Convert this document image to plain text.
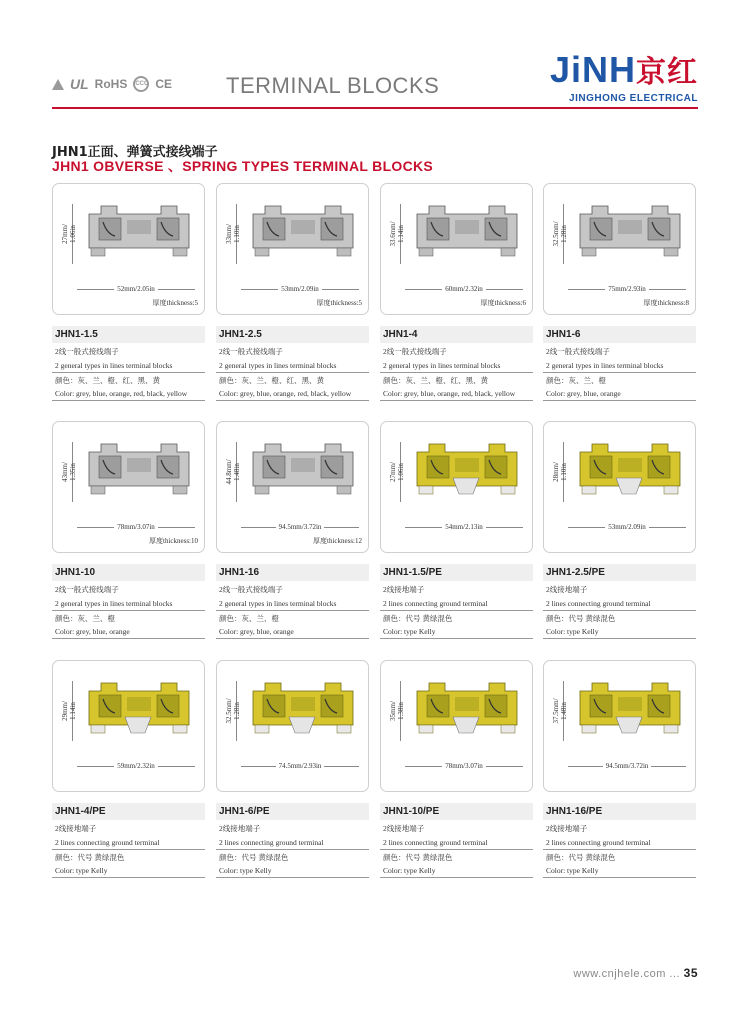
UL RoHS	CCC CE TERMINAL BLOCKS	JiNH京红
JINGHONG ELECTRICAL
JHN1正面、弹簧式接线端子
JHN1 OBVERSE 、SPRING TYPES TERMINAL BLOCKS
27mm/
1.06in
52mm/2.05in
厚度thickness:5
JHN1-1.5
2线一般式接线端子
2 general types in lines terminal blocks
颜色：灰、兰、橙、红、黑、黄
Color: grey, blue, orange, red, black, yellow
33mm/
1.10in
53mm/2.09in
厚度thickness:5
JHN1-2.5
2线一般式接线端子
2 general types in lines terminal blocks
颜色：灰、兰、橙、红、黑、黄
Color: grey, blue, orange, red, black, yellow
33.6mm/
1.14in
60mm/2.32in
厚度thickness:6
JHN1-4
2线一般式接线端子
2 general types in lines terminal blocks
颜色：灰、兰、橙、红、黑、黄
Color: grey, blue, orange, red, black, yellow
32.5mm/
1.28in
75mm/2.93in
厚度thickness:8
JHN1-6
2线一般式接线端子
2 general types in lines terminal blocks
颜色：灰、兰、橙
Color: grey, blue, orange
43mm/
1.35in
78mm/3.07in
厚度thickness:10
JHN1-10
2线一般式接线端子
2 general types in lines terminal blocks
颜色：灰、兰、橙
Color: grey, blue, orange
44.8mm/
1.48in
94.5mm/3.72in
厚度thickness:12
JHN1-16
2线一般式接线端子
2 general types in lines terminal blocks
颜色：灰、兰、橙
Color: grey, blue, orange
27mm/
1.06in
54mm/2.13in
JHN1-1.5/PE
2线接地端子
2 lines connecting ground terminal
颜色：代号 黄绿混色
Color: type Kelly
28mm/
1.10in
53mm/2.09in
JHN1-2.5/PE
2线接地端子
2 lines connecting ground terminal
颜色：代号 黄绿混色
Color: type Kelly
29mm/
1.14in
59mm/2.32in
JHN1-4/PE
2线接地端子
2 lines connecting ground terminal
颜色：代号 黄绿混色
Color: type Kelly
32.5mm/
1.28in
74.5mm/2.93in
JHN1-6/PE
2线接地端子
2 lines connecting ground terminal
颜色：代号 黄绿混色
Color: type Kelly
35mm/
1.38in
78mm/3.07in
JHN1-10/PE
2线接地端子
2 lines connecting ground terminal
颜色：代号 黄绿混色
Color: type Kelly
37.5mm/
1.48in
94.5mm/3.72in
JHN1-16/PE
2线接地端子
2 lines connecting ground terminal
颜色：代号 黄绿混色
Color: type Kelly
www.cnjhele.com ... 35
